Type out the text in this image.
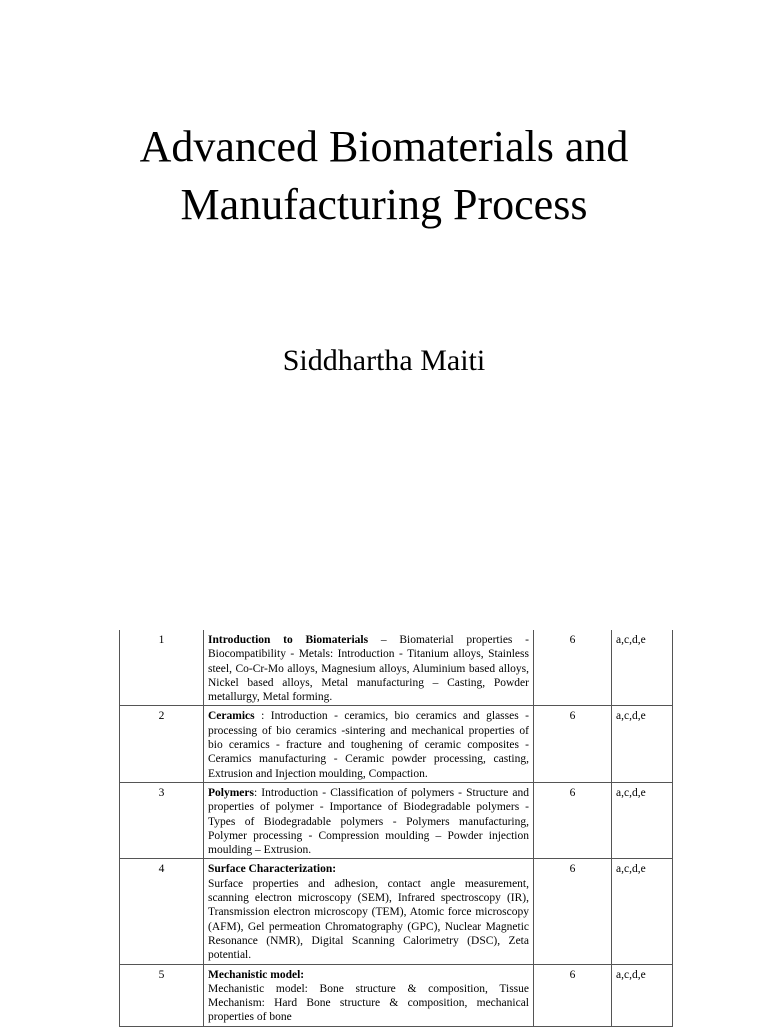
Advanced Biomaterials and
Manufacturing Process

Siddhartha Maiti

1	Introduction to Biomaterials – Biomaterial properties - Biocompatibility - Metals: Introduction - Titanium alloys, Stainless steel, Co-Cr-Mo alloys, Magnesium alloys, Aluminium based alloys, Nickel based alloys, Metal manufacturing – Casting, Powder metallurgy, Metal forming.	6	a,c,d,e
2	Ceramics : Introduction - ceramics, bio ceramics and glasses - processing of bio ceramics -sintering and mechanical properties of bio ceramics - fracture and toughening of ceramic composites - Ceramics manufacturing - Ceramic powder processing, casting, Extrusion and Injection moulding, Compaction.	6	a,c,d,e
3	Polymers: Introduction - Classification of polymers - Structure and properties of polymer - Importance of Biodegradable polymers - Types of Biodegradable polymers - Polymers manufacturing, Polymer processing - Compression moulding – Powder injection moulding – Extrusion.	6	a,c,d,e
4	Surface Characterization:
Surface properties and adhesion, contact angle measurement, scanning electron microscopy (SEM), Infrared spectroscopy (IR), Transmission electron microscopy (TEM), Atomic force microscopy (AFM), Gel permeation Chromatography (GPC), Nuclear Magnetic Resonance (NMR), Digital Scanning Calorimetry (DSC), Zeta potential.	6	a,c,d,e
5	Mechanistic model:
Mechanistic model: Bone structure & composition, Tissue Mechanism: Hard Bone structure & composition, mechanical properties of bone	6	a,c,d,e
